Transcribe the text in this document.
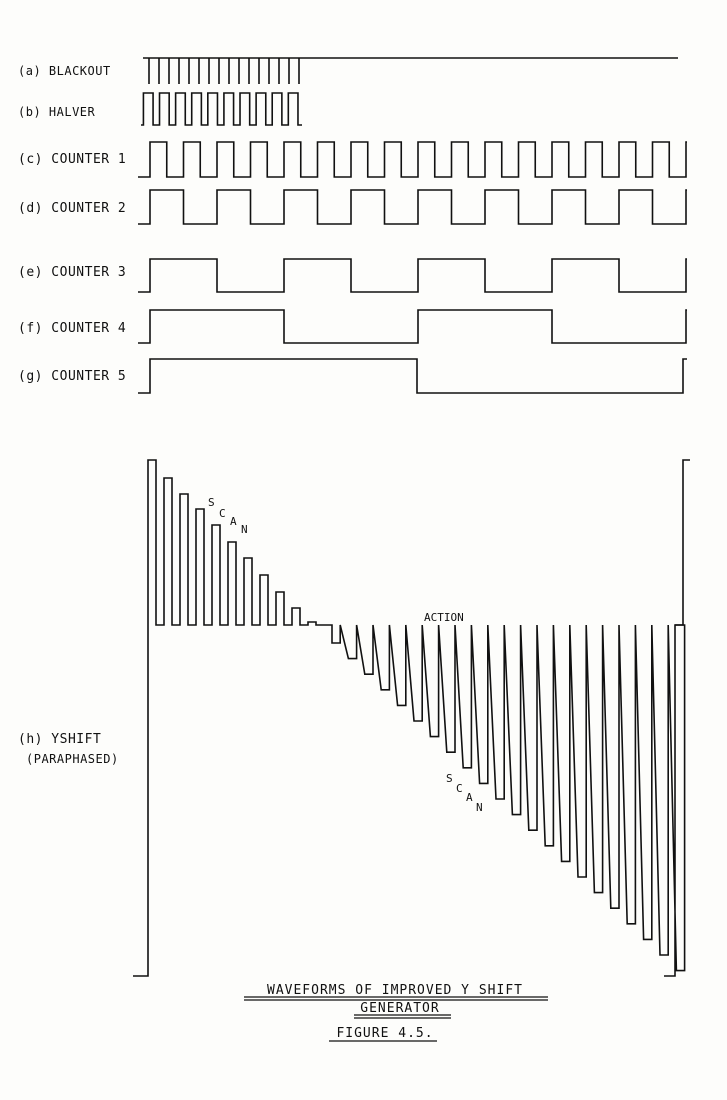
(a) BLACKOUT
(b) HALVER
(c) COUNTER 1
(d) COUNTER 2
(e) COUNTER 3
(f) COUNTER 4
(g) COUNTER 5
(h) YSHIFT
(PARAPHASED)
S
C
A
N
ACTION
S
C
A
N
WAVEFORMS OF IMPROVED Y SHIFT
GENERATOR
FIGURE 4.5.
